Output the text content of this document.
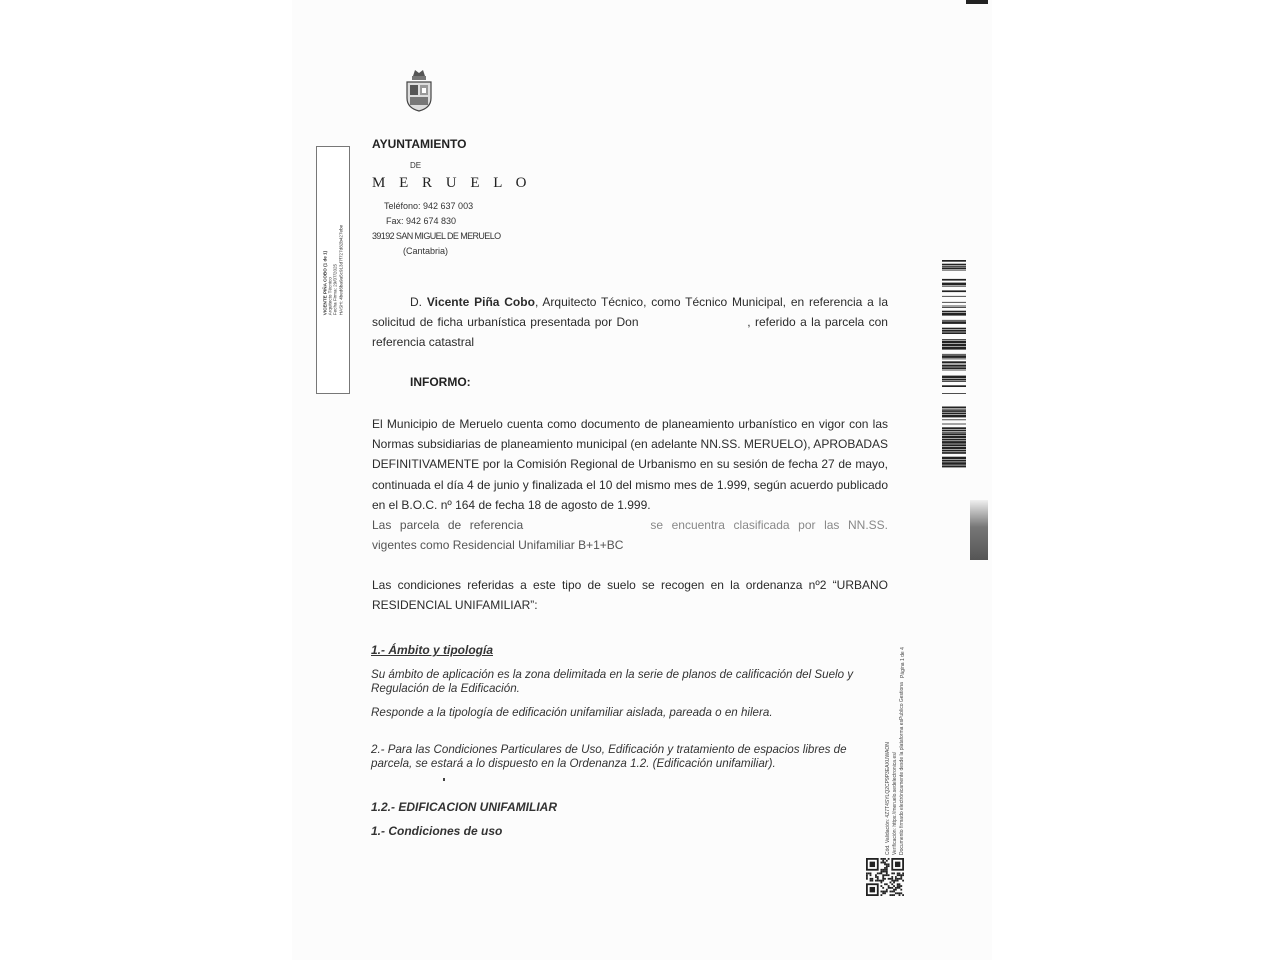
AYUNTAMIENTO
DE
M E R U E L O
Teléfono: 942 637 003
Fax: 942 674 830
39192 SAN MIGUEL DE MERUELO
(Cantabria)
VICENTE PIÑA COBO (1 de 1) Arquitecto Técnico Fecha Firma: 29/07/2025 HASH: 4bed6ba9a5c913d7f727d82b427ebe	D. Vicente Piña Cobo, Arquitecto Técnico, como Técnico Municipal, en referencia a la
solicitud de ficha urbanística presentada por Don	, referido a la parcela con
referencia catastral
INFORMO:
El Municipio de Meruelo cuenta como documento de planeamiento urbanístico en vigor con las
Normas subsidiarias de planeamiento municipal (en adelante NN.SS. MERUELO), APROBADAS
DEFINITIVAMENTE por la Comisión Regional de Urbanismo en su sesión de fecha 27 de mayo,
continuada el día 4 de junio y finalizada el 10 del mismo mes de 1.999, según acuerdo publicado
en el B.O.C. nº 164 de fecha 18 de agosto de 1.999.
Las parcela de referencia	se encuentra clasificada por las NN.SS.
vigentes como Residencial Unifamiliar B+1+BC
Las condiciones referidas a este tipo de suelo se recogen en la ordenanza nº2 “URBANO
RESIDENCIAL UNIFAMILIAR”:
1.- Ámbito y tipología
Su ámbito de aplicación es la zona delimitada en la serie de planos de calificación del Suelo y Regulación de la Edificación.
Responde a la tipología de edificación unifamiliar aislada, pareada o en hilera.
2.- Para las Condiciones Particulares de Uso, Edificación y tratamiento de espacios libres de parcela, se estará a lo dispuesto en la Ordenanza 1.2. (Edificación unifamiliar).
1.2.- EDIFICACION UNIFAMILIAR
1.- Condiciones de uso	Cód. Validación: 4Z7T4SYLQ2CP9P3EAXUWAON Verificación: https://meruelo.sedelectronica.es/ Documento firmado electrónicamente desde la plataforma esPublico Gestiona
Página 1 de 4
